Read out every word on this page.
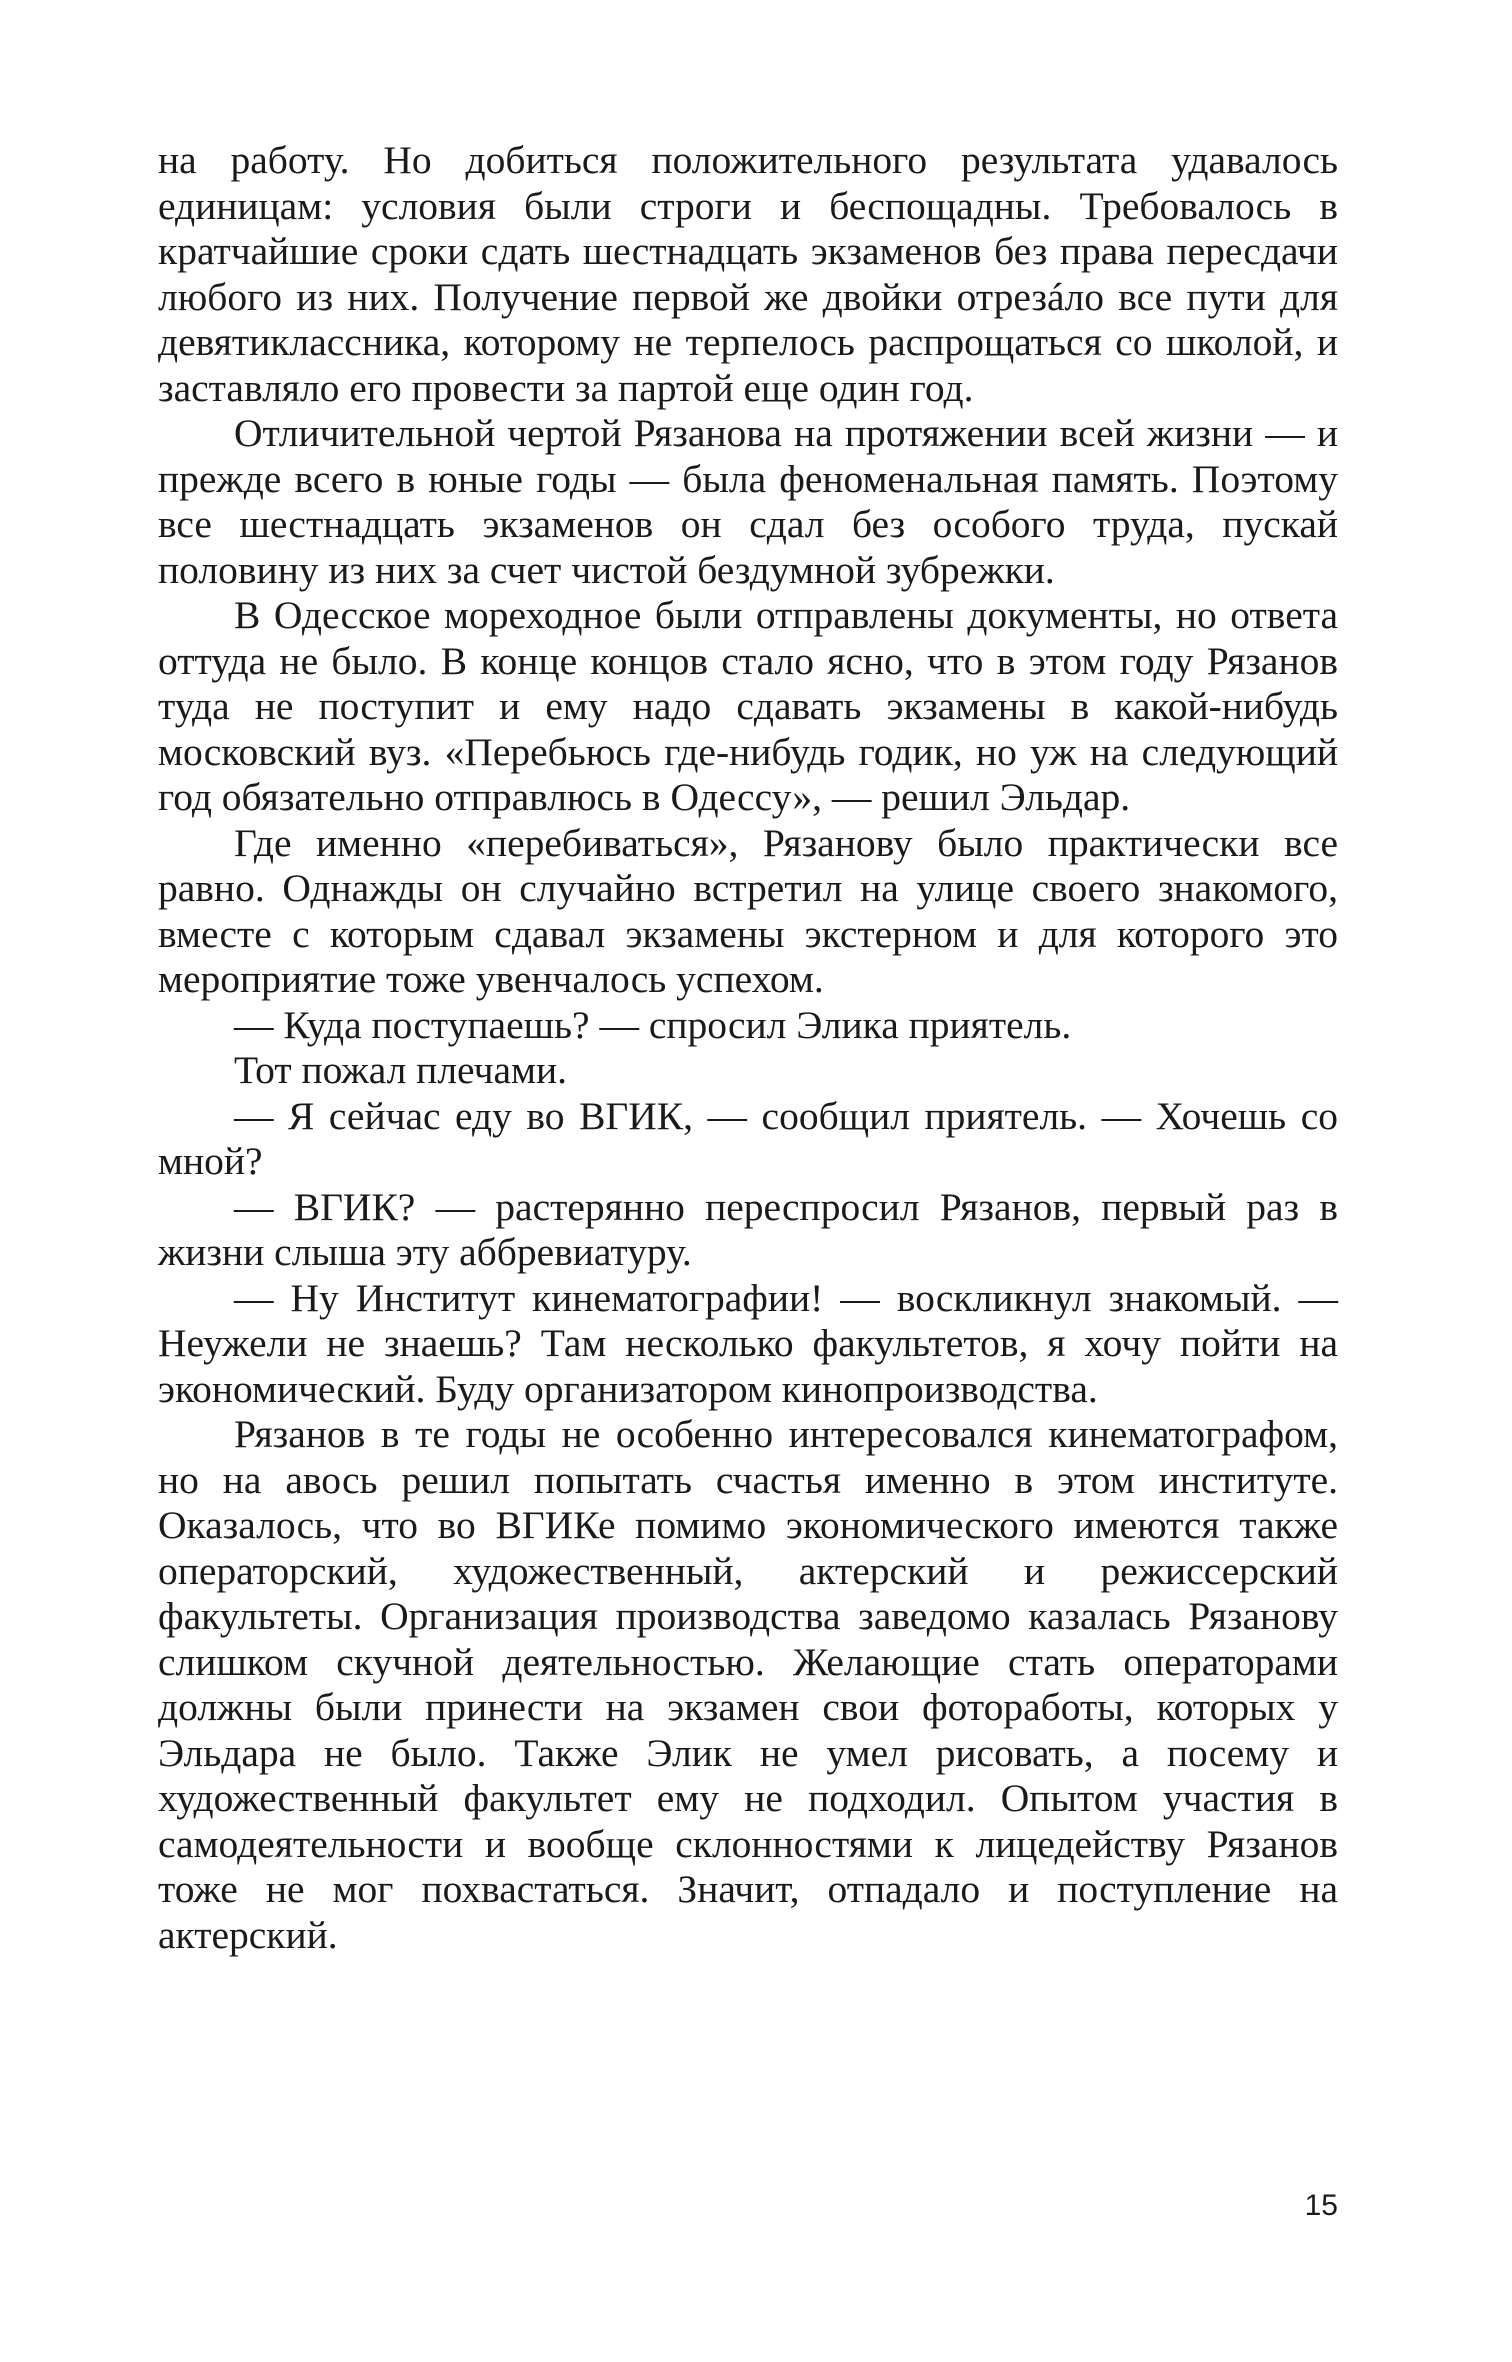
на работу. Но добиться положительного результата удавалось единицам: условия были строги и беспощадны. Требовалось в кратчайшие сроки сдать шестнадцать экзаменов без права пересдачи любого из них. Получение первой же двойки отрезáло все пути для девятиклассника, которому не терпелось распрощаться со школой, и заставляло его провести за партой еще один год.

Отличительной чертой Рязанова на протяжении всей жизни — и прежде всего в юные годы — была феноменальная память. Поэтому все шестнадцать экзаменов он сдал без особого труда, пускай половину из них за счет чистой бездумной зубрежки.

В Одесское мореходное были отправлены документы, но ответа оттуда не было. В конце концов стало ясно, что в этом году Рязанов туда не поступит и ему надо сдавать экзамены в какой-нибудь московский вуз. «Перебьюсь где-нибудь годик, но уж на следующий год обязательно отправлюсь в Одессу», — решил Эльдар.

Где именно «перебиваться», Рязанову было практически все равно. Однажды он случайно встретил на улице своего знакомого, вместе с которым сдавал экзамены экстерном и для которого это мероприятие тоже увенчалось успехом.

— Куда поступаешь? — спросил Элика приятель.

Тот пожал плечами.

— Я сейчас еду во ВГИК, — сообщил приятель. — Хочешь со мной?

— ВГИК? — растерянно переспросил Рязанов, первый раз в жизни слыша эту аббревиатуру.

— Ну Институт кинематографии! — воскликнул знакомый. — Неужели не знаешь? Там несколько факультетов, я хочу пойти на экономический. Буду организатором кинопроизводства.

Рязанов в те годы не особенно интересовался кинематографом, но на авось решил попытать счастья именно в этом институте. Оказалось, что во ВГИКе помимо экономического имеются также операторский, художественный, актерский и режиссерский факультеты. Организация производства заведомо казалась Рязанову слишком скучной деятельностью. Желающие стать операторами должны были принести на экзамен свои фотоработы, которых у Эльдара не было. Также Элик не умел рисовать, а посему и художественный факультет ему не подходил. Опытом участия в самодеятельности и вообще склонностями к лицедейству Рязанов тоже не мог похвастаться. Значит, отпадало и поступление на актерский.

15
